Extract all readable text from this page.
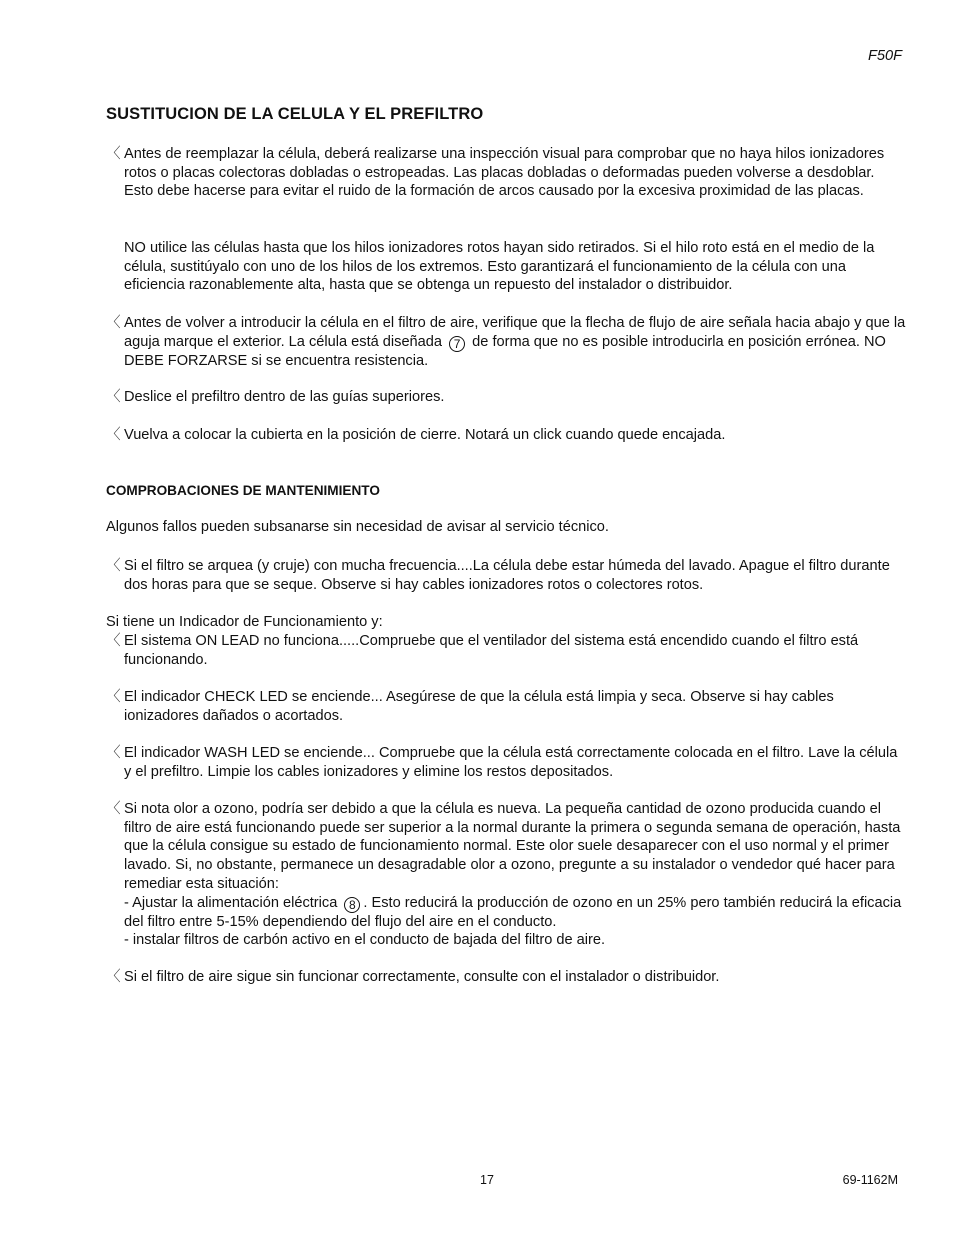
F50F
SUSTITUCION DE LA CELULA Y EL PREFILTRO
〈 Antes de reemplazar la célula, deberá realizarse una inspección visual para comprobar que no haya hilos ionizadores rotos o placas colectoras dobladas o estropeadas. Las placas dobladas o deformadas pueden volverse a desdoblar. Esto debe hacerse para evitar el ruido de la formación de arcos causado por la excesiva proximidad de las placas.
NO utilice las células hasta que los hilos ionizadores rotos hayan sido retirados. Si el hilo roto está en el medio de la célula, sustitúyalo con uno de los hilos de los extremos. Esto garantizará el funcionamiento de la célula con una eficiencia razonablemente alta, hasta que se obtenga un repuesto del instalador o distribuidor.
〈 Antes de volver a introducir la célula en el filtro de aire, verifique que la flecha de flujo de aire señala hacia abajo y que la aguja marque el exterior. La célula está diseñada 7 de forma que no es posible introducirla en posición errónea. NO DEBE FORZARSE si se encuentra resistencia.
〈 Deslice el prefiltro dentro de las guías superiores.
〈 Vuelva a colocar la cubierta en la posición de cierre. Notará un click cuando quede encajada.
COMPROBACIONES DE MANTENIMIENTO
Algunos fallos pueden subsanarse sin necesidad de avisar al servicio técnico.
〈 Si el filtro se arquea (y cruje) con mucha frecuencia....La célula debe estar húmeda del lavado. Apague el filtro durante dos horas para que se seque. Observe si hay cables ionizadores rotos o colectores rotos.
Si tiene un Indicador de Funcionamiento y:
〈 El sistema ON LEAD no funciona.....Compruebe que el ventilador del sistema está encendido cuando el filtro está funcionando.
〈 El indicador CHECK LED se enciende... Asegúrese de que la célula está limpia y seca. Observe si hay cables ionizadores dañados o acortados.
〈 El indicador WASH LED se enciende... Compruebe que la célula está correctamente colocada en el filtro. Lave la célula y el prefiltro. Limpie los cables ionizadores y elimine los restos depositados.
〈 Si nota olor a ozono, podría ser debido a que la célula es nueva. La pequeña cantidad de ozono producida cuando el filtro de aire está funcionando puede ser superior a la normal durante la primera o segunda semana de operación, hasta que la célula consigue su estado de funcionamiento normal. Este olor suele desaparecer con el uso normal y el primer lavado. Si, no obstante, permanece un desagradable olor a ozono, pregunte a su instalador o vendedor qué hacer para remediar esta situación:
- Ajustar la alimentación eléctrica 8 . Esto reducirá la producción de ozono en un 25% pero también reducirá la eficacia del filtro entre 5-15% dependiendo del flujo del aire en el conducto.
- instalar filtros de carbón activo en el conducto de bajada del filtro de aire.
〈 Si el filtro de aire sigue sin funcionar correctamente, consulte con el instalador o distribuidor.
17	69-1162M
